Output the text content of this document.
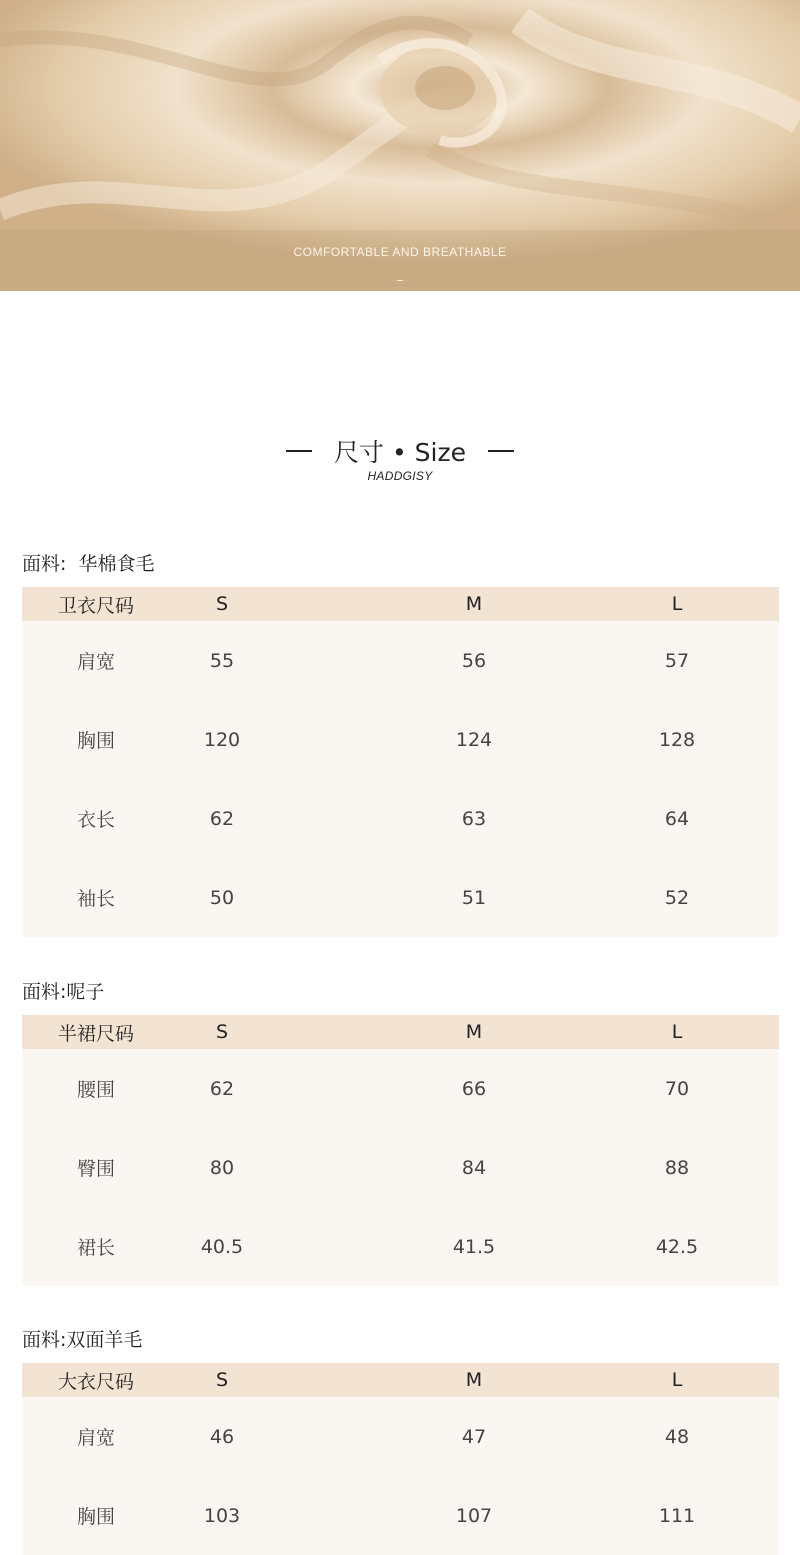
COMFORTABLE AND BREATHABLE
尺寸 • Size
HADDGISY
面料:  华棉食毛
卫衣尺码	S	M	L
肩宽	55	56	57
胸围	120	124	128
衣长	62	63	64
袖长	50	51	52
面料:呢子
半裙尺码	S	M	L
腰围	62	66	70
臀围	80	84	88
裙长	40.5	41.5	42.5
面料:双面羊毛
大衣尺码	S	M	L
肩宽	46	47	48
胸围	103	107	111
